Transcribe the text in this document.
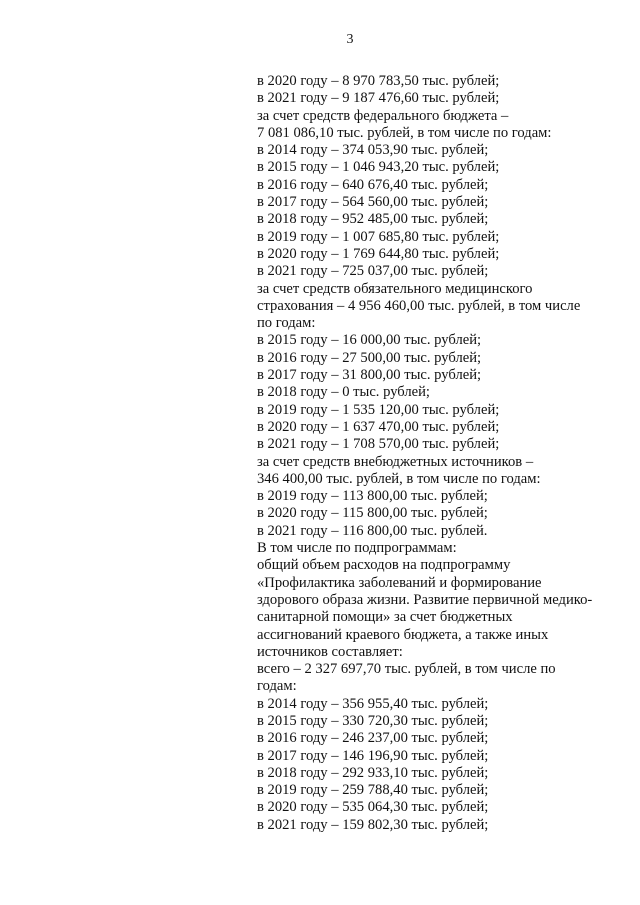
3
в 2020 году – 8 970 783,50 тыс. рублей;
в 2021 году – 9 187 476,60 тыс. рублей;
за счет средств федерального бюджета –
7 081 086,10 тыс. рублей, в том числе по годам:
в 2014 году – 374 053,90 тыс. рублей;
в 2015 году – 1 046 943,20 тыс. рублей;
в 2016 году – 640 676,40 тыс. рублей;
в 2017 году – 564 560,00 тыс. рублей;
в 2018 году – 952 485,00 тыс. рублей;
в 2019 году – 1 007 685,80 тыс. рублей;
в 2020 году – 1 769 644,80 тыс. рублей;
в 2021 году – 725 037,00 тыс. рублей;
за счет средств обязательного медицинского
страхования – 4 956 460,00 тыс. рублей, в том числе
по годам:
в 2015 году – 16 000,00 тыс. рублей;
в 2016 году – 27 500,00 тыс. рублей;
в 2017 году – 31 800,00 тыс. рублей;
в 2018 году – 0 тыс. рублей;
в 2019 году – 1 535 120,00 тыс. рублей;
в 2020 году – 1 637 470,00 тыс. рублей;
в 2021 году – 1 708 570,00 тыс. рублей;
за счет средств внебюджетных источников –
346 400,00 тыс. рублей, в том числе по годам:
в 2019 году – 113 800,00 тыс. рублей;
в 2020 году – 115 800,00 тыс. рублей;
в 2021 году – 116 800,00 тыс. рублей.
В том числе по подпрограммам:
общий объем расходов на подпрограмму
«Профилактика заболеваний и формирование
здорового образа жизни. Развитие первичной медико-
санитарной помощи» за счет бюджетных
ассигнований краевого бюджета, а также иных
источников составляет:
всего – 2 327 697,70 тыс. рублей, в том числе по
годам:
в 2014 году – 356 955,40 тыс. рублей;
в 2015 году – 330 720,30 тыс. рублей;
в 2016 году – 246 237,00 тыс. рублей;
в 2017 году – 146 196,90 тыс. рублей;
в 2018 году – 292 933,10 тыс. рублей;
в 2019 году – 259 788,40 тыс. рублей;
в 2020 году – 535 064,30 тыс. рублей;
в 2021 году – 159 802,30 тыс. рублей;
